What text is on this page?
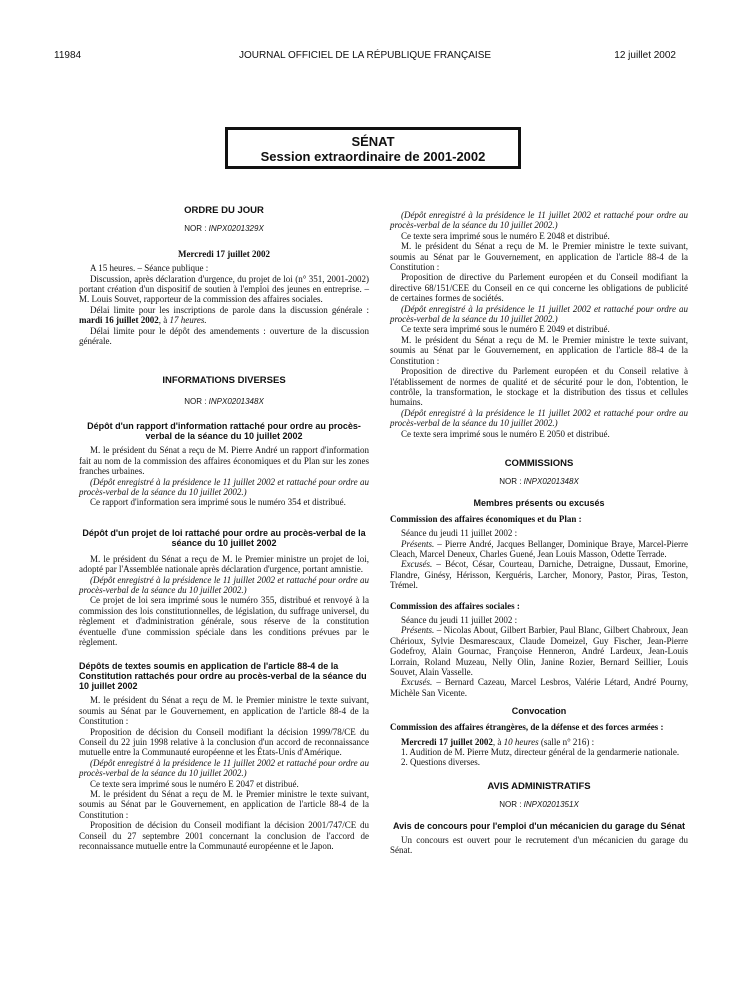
11984	JOURNAL OFFICIEL DE LA RÉPUBLIQUE FRANÇAISE	12 juillet 2002
SÉNAT
Session extraordinaire de 2001-2002

ORDRE DU JOUR

NOR : INPX0201329X

Mercredi 17 juillet 2002

A 15 heures. – Séance publique :

Discussion, après déclaration d'urgence, du projet de loi (n° 351, 2001-2002) portant création d'un dispositif de soutien à l'emploi des jeunes en entreprise. – M. Louis Souvet, rapporteur de la commission des affaires sociales.

Délai limite pour les inscriptions de parole dans la discussion générale : mardi 16 juillet 2002, à 17 heures.

Délai limite pour le dépôt des amendements : ouverture de la discussion générale.

INFORMATIONS DIVERSES

NOR : INPX0201348X

Dépôt d'un rapport d'information rattaché pour ordre au procès-verbal de la séance du 10 juillet 2002

M. le président du Sénat a reçu de M. Pierre André un rapport d'information fait au nom de la commission des affaires économiques et du Plan sur les zones franches urbaines.

(Dépôt enregistré à la présidence le 11 juillet 2002 et rattaché pour ordre au procès-verbal de la séance du 10 juillet 2002.)

Ce rapport d'information sera imprimé sous le numéro 354 et distribué.

Dépôt d'un projet de loi rattaché pour ordre au procès-verbal de la séance du 10 juillet 2002

M. le président du Sénat a reçu de M. le Premier ministre un projet de loi, adopté par l'Assemblée nationale après déclaration d'urgence, portant amnistie.

(Dépôt enregistré à la présidence le 11 juillet 2002 et rattaché pour ordre au procès-verbal de la séance du 10 juillet 2002.)

Ce projet de loi sera imprimé sous le numéro 355, distribué et renvoyé à la commission des lois constitutionnelles, de législation, du suffrage universel, du règlement et d'administration générale, sous réserve de la constitution éventuelle d'une commission spéciale dans les conditions prévues par le règlement.

Dépôts de textes soumis en application de l'article 88-4 de la Constitution rattachés pour ordre au procès-verbal de la séance du 10 juillet 2002

M. le président du Sénat a reçu de M. le Premier ministre le texte suivant, soumis au Sénat par le Gouvernement, en application de l'article 88-4 de la Constitution :

Proposition de décision du Conseil modifiant la décision 1999/78/CE du Conseil du 22 juin 1998 relative à la conclusion d'un accord de reconnaissance mutuelle entre la Communauté européenne et les États-Unis d'Amérique.

(Dépôt enregistré à la présidence le 11 juillet 2002 et rattaché pour ordre au procès-verbal de la séance du 10 juillet 2002.)

Ce texte sera imprimé sous le numéro E 2047 et distribué.

M. le président du Sénat a reçu de M. le Premier ministre le texte suivant, soumis au Sénat par le Gouvernement, en application de l'article 88-4 de la Constitution :

Proposition de décision du Conseil modifiant la décision 2001/747/CE du Conseil du 27 septembre 2001 concernant la conclusion de l'accord de reconnaissance mutuelle entre la Communauté européenne et le Japon.

(Dépôt enregistré à la présidence le 11 juillet 2002 et rattaché pour ordre au procès-verbal de la séance du 10 juillet 2002.)

Ce texte sera imprimé sous le numéro E 2048 et distribué.

M. le président du Sénat a reçu de M. le Premier ministre le texte suivant, soumis au Sénat par le Gouvernement, en application de l'article 88-4 de la Constitution :

Proposition de directive du Parlement européen et du Conseil modifiant la directive 68/151/CEE du Conseil en ce qui concerne les obligations de publicité de certaines formes de sociétés.

(Dépôt enregistré à la présidence le 11 juillet 2002 et rattaché pour ordre au procès-verbal de la séance du 10 juillet 2002.)

Ce texte sera imprimé sous le numéro E 2049 et distribué.

M. le président du Sénat a reçu de M. le Premier ministre le texte suivant, soumis au Sénat par le Gouvernement, en application de l'article 88-4 de la Constitution :

Proposition de directive du Parlement européen et du Conseil relative à l'établissement de normes de qualité et de sécurité pour le don, l'obtention, le contrôle, la transformation, le stockage et la distribution des tissus et cellules humains.

(Dépôt enregistré à la présidence le 11 juillet 2002 et rattaché pour ordre au procès-verbal de la séance du 10 juillet 2002.)

Ce texte sera imprimé sous le numéro E 2050 et distribué.

COMMISSIONS

NOR : INPX0201348X

Membres présents ou excusés

Commission des affaires économiques et du Plan :

Séance du jeudi 11 juillet 2002 :

Présents. – Pierre André, Jacques Bellanger, Dominique Braye, Marcel-Pierre Cleach, Marcel Deneux, Charles Guené, Jean Louis Masson, Odette Terrade.

Excusés. – Bécot, César, Courteau, Darniche, Detraigne, Dussaut, Emorine, Flandre, Ginésy, Hérisson, Kerguéris, Larcher, Monory, Pastor, Piras, Teston, Trémel.

Commission des affaires sociales :

Séance du jeudi 11 juillet 2002 :

Présents. – Nicolas About, Gilbert Barbier, Paul Blanc, Gilbert Chabroux, Jean Chérioux, Sylvie Desmarescaux, Claude Domeizel, Guy Fischer, Jean-Pierre Godefroy, Alain Gournac, Françoise Henneron, André Lardeux, Jean-Louis Lorrain, Roland Muzeau, Nelly Olin, Janine Rozier, Bernard Seillier, Louis Souvet, Alain Vasselle.

Excusés. – Bernard Cazeau, Marcel Lesbros, Valérie Létard, André Pourny, Michèle San Vicente.

Convocation

Commission des affaires étrangères, de la défense et des forces armées :

Mercredi 17 juillet 2002, à 10 heures (salle n° 216) :

1. Audition de M. Pierre Mutz, directeur général de la gendarmerie nationale.

2. Questions diverses.

AVIS ADMINISTRATIFS

NOR : INPX0201351X

Avis de concours pour l'emploi d'un mécanicien du garage du Sénat

Un concours est ouvert pour le recrutement d'un mécanicien du garage du Sénat.
